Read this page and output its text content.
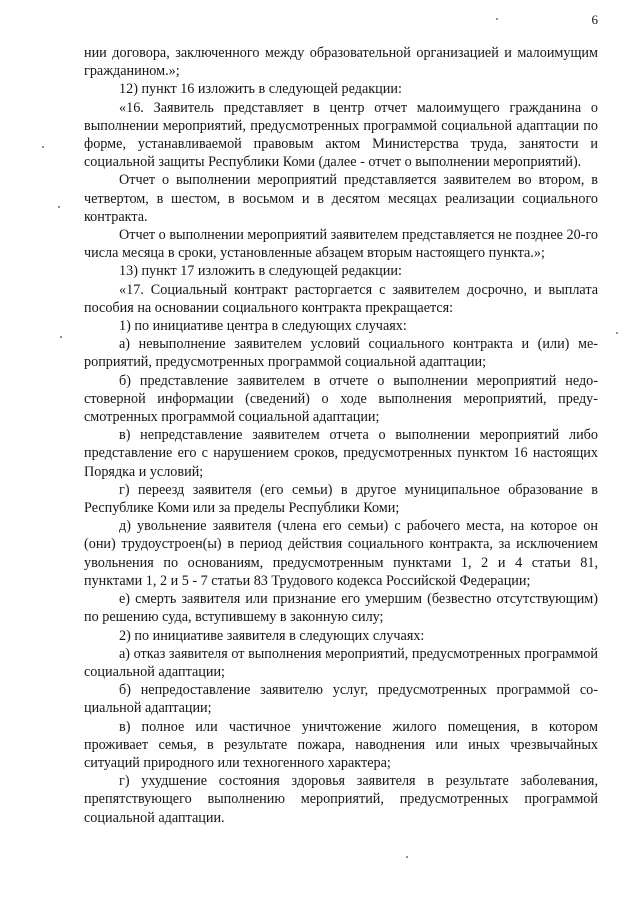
6

нии договора, заключенного между образовательной организацией и малоимущим гражданином.»;

12) пункт 16 изложить в следующей редакции:

«16. Заявитель представляет в центр отчет малоимущего гражданина о выполнении мероприятий, предусмотренных программой социальной адаптации по форме, устанавливаемой правовым актом Министерства труда, занятости и социальной защиты Республики Коми (далее - отчет о выполнении мероприятий).

Отчет о выполнении мероприятий представляется заявителем во втором, в четвертом, в шестом, в восьмом и в десятом месяцах реализации социального контракта.

Отчет о выполнении мероприятий заявителем представляется не позднее 20-го числа месяца в сроки, установленные абзацем вторым настоящего пункта.»;

13) пункт 17 изложить в следующей редакции:

«17. Социальный контракт расторгается с заявителем досрочно, и выплата пособия на основании социального контракта прекращается:

1) по инициативе центра в следующих случаях:

а) невыполнение заявителем условий социального контракта и (или) мероприятий, предусмотренных программой социальной адаптации;

б) представление заявителем в отчете о выполнении мероприятий недостоверной информации (сведений) о ходе выполнения мероприятий, предусмотренных программой социальной адаптации;

в) непредставление заявителем отчета о выполнении мероприятий либо представление его с нарушением сроков, предусмотренных пунктом 16 настоящих Порядка и условий;

г) переезд заявителя (его семьи) в другое муниципальное образование в Республике Коми или за пределы Республики Коми;

д) увольнение заявителя (члена его семьи) с рабочего места, на которое он (они) трудоустроен(ы) в период действия социального контракта, за исключением увольнения по основаниям, предусмотренным пунктами 1, 2 и 4 статьи 81, пунктами 1, 2 и 5 - 7 статьи 83 Трудового кодекса Российской Федерации;

е) смерть заявителя или признание его умершим (безвестно отсутствующим) по решению суда, вступившему в законную силу;

2) по инициативе заявителя в следующих случаях:

а) отказ заявителя от выполнения мероприятий, предусмотренных программой социальной адаптации;

б) непредоставление заявителю услуг, предусмотренных программой социальной адаптации;

в) полное или частичное уничтожение жилого помещения, в котором проживает семья, в результате пожара, наводнения или иных чрезвычайных ситуаций природного или техногенного характера;

г) ухудшение состояния здоровья заявителя в результате заболевания, препятствующего выполнению мероприятий, предусмотренных программой социальной адаптации.
